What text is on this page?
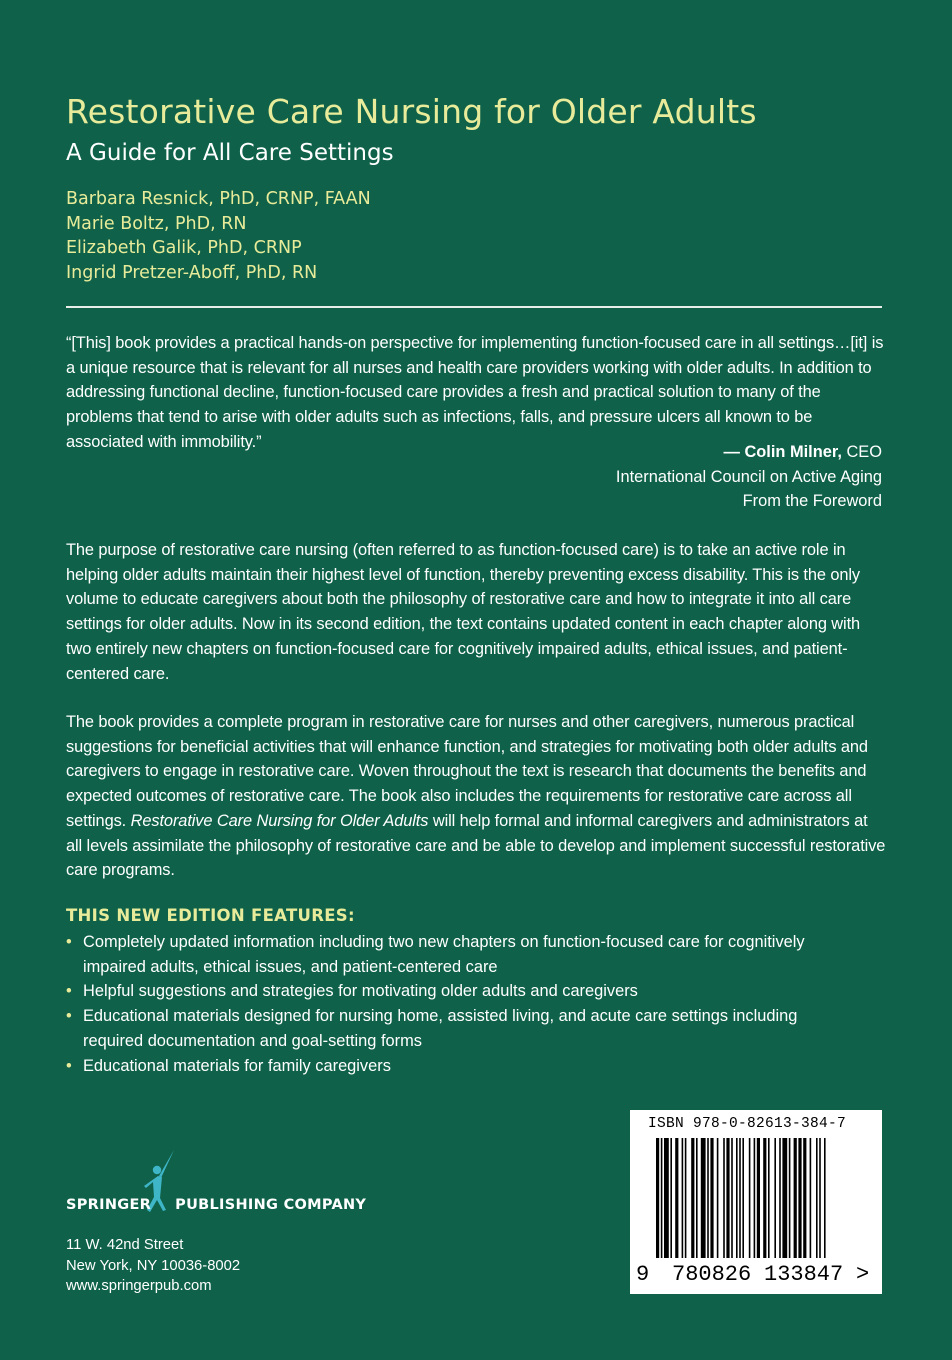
Restorative Care Nursing for Older Adults
A Guide for All Care Settings
Barbara Resnick, PhD, CRNP, FAAN
Marie Boltz, PhD, RN
Elizabeth Galik, PhD, CRNP
Ingrid Pretzer-Aboff, PhD, RN

“[This] book provides a practical hands-on perspective for implementing function-focused care in all settings…[it] is a unique resource that is relevant for all nurses and health care providers working with older adults. In addition to addressing functional decline, function-focused care provides a fresh and practical solution to many of the problems that tend to arise with older adults such as infections, falls, and pressure ulcers all known to be associated with immobility.”

— Colin Milner, CEO
International Council on Active Aging
From the Foreword

The purpose of restorative care nursing (often referred to as function-focused care) is to take an active role in helping older adults maintain their highest level of function, thereby preventing excess disability. This is the only volume to educate caregivers about both the philosophy of restorative care and how to integrate it into all care settings for older adults. Now in its second edition, the text contains updated content in each chapter along with two entirely new chapters on function-focused care for cognitively impaired adults, ethical issues, and patient-centered care.

The book provides a complete program in restorative care for nurses and other caregivers, numerous practical suggestions for beneficial activities that will enhance function, and strategies for motivating both older adults and caregivers to engage in restorative care. Woven throughout the text is research that documents the benefits and expected outcomes of restorative care. The book also includes the requirements for restorative care across all settings. Restorative Care Nursing for Older Adults will help formal and informal caregivers and administrators at all levels assimilate the philosophy of restorative care and be able to develop and implement successful restorative care programs.

THIS NEW EDITION FEATURES:
• Completely updated information including two new chapters on function-focused care for cognitively impaired adults, ethical issues, and patient-centered care
• Helpful suggestions and strategies for motivating older adults and caregivers
• Educational materials designed for nursing home, assisted living, and acute care settings including required documentation and goal-setting forms
• Educational materials for family caregivers
SPRINGER PUBLISHING COMPANY

11 W. 42nd Street
New York, NY 10036-8002
www.springerpub.com

ISBN 978-0-82613-384-7

9 780826 133847 >
